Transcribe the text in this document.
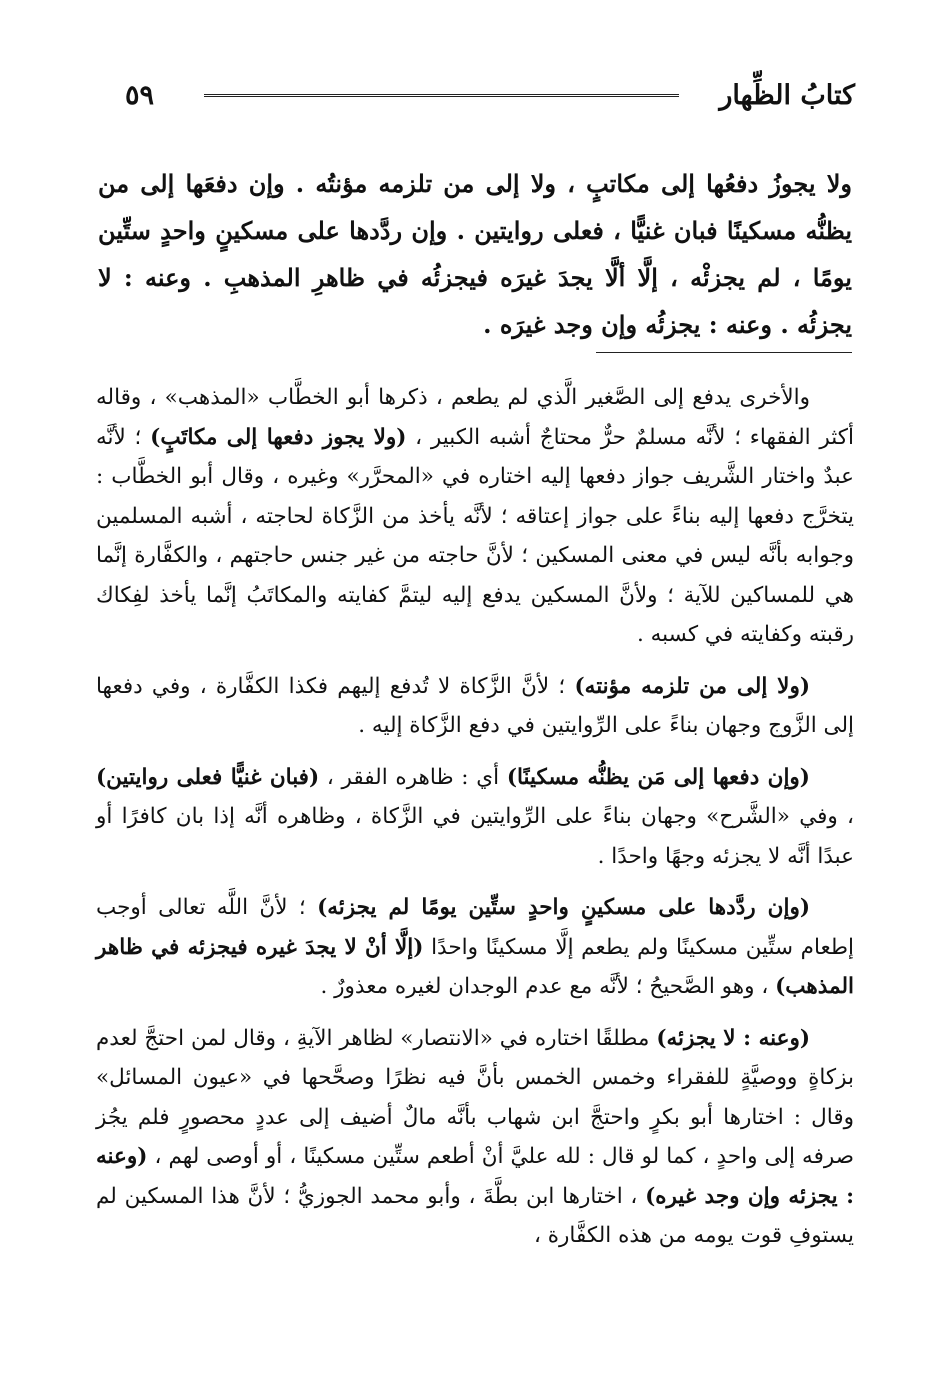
كتابُ الظِّهار
٥٩
ولا يجوزُ دفعُها إلى مكاتبٍ ، ولا إلى من تلزمه مؤنتُه . وإن دفعَها إلى من يظنُّه مسكينًا فبان غنيًّا ، فعلى روايتين . وإن ردَّدها على مسكينٍ واحدٍ ستِّين يومًا ، لم يجزئْه ، إلَّا ألَّا يجدَ غيرَه فيجزئُه في ظاهرِ المذهبِ . وعنه : لا يجزئُه . وعنه : يجزئُه وإن وجد غيرَه .

والأخرى يدفع إلى الصَّغير الَّذي لم يطعم ، ذكرها أبو الخطَّاب «المذهب» ، وقاله أكثر الفقهاء ؛ لأنَّه مسلمٌ حرٌّ محتاجٌ أشبه الكبير ، (ولا يجوز دفعها إلى مكاتَبٍ) ؛ لأنَّه عبدٌ واختار الشَّريف جواز دفعها إليه اختاره في «المحرَّر» وغيره ، وقال أبو الخطَّاب : يتخرَّج دفعها إليه بناءً على جواز إعتاقه ؛ لأنَّه يأخذ من الزَّكاة لحاجته ، أشبه المسلمين وجوابه بأنَّه ليس في معنى المسكين ؛ لأنَّ حاجته من غير جنس حاجتهم ، والكفَّارة إنَّما هي للمساكين للآية ؛ ولأنَّ المسكين يدفع إليه ليتمَّ كفايته والمكاتَبُ إنَّما يأخذ لفِكاك رقبته وكفايته في كسبه .

(ولا إلى من تلزمه مؤنته) ؛ لأنَّ الزَّكاة لا تُدفع إليهم فكذا الكفَّارة ، وفي دفعها إلى الزَّوج وجهان بناءً على الرِّوايتين في دفع الزَّكاة إليه .

(وإن دفعها إلى مَن يظنُّه مسكينًا) أي : ظاهره الفقر ، (فبان غنيًّا فعلى روايتين) ، وفي «الشَّرح» وجهان بناءً على الرِّوايتين في الزَّكاة ، وظاهره أنَّه إذا بان كافرًا أو عبدًا أنَّه لا يجزئه وجهًا واحدًا .

(وإن ردَّدها على مسكينٍ واحدٍ ستِّين يومًا لم يجزئه) ؛ لأنَّ اللَّه تعالى أوجب إطعام ستِّين مسكينًا ولم يطعم إلَّا مسكينًا واحدًا (إلَّا أنْ لا يجدَ غيره فيجزئه في ظاهر المذهب) ، وهو الصَّحيحُ ؛ لأنَّه مع عدم الوجدان لغيره معذورٌ .

(وعنه : لا يجزئه) مطلقًا اختاره في «الانتصار» لظاهر الآيةِ ، وقال لمن احتجَّ لعدم بزكاةٍ ووصيَّةٍ للفقراء وخمس الخمس بأنَّ فيه نظرًا وصحَّحها في «عيون المسائل» وقال : اختارها أبو بكرٍ واحتجَّ ابن شهاب بأنَّه مالٌ أضيف إلى عددٍ محصورٍ فلم يجُز صرفه إلى واحدٍ ، كما لو قال : لله عليَّ أنْ أطعم ستِّين مسكينًا ، أو أوصى لهم ، (وعنه : يجزئه وإن وجد غيره) ، اختارها ابن بطَّةَ ، وأبو محمد الجوزيُّ ؛ لأنَّ هذا المسكين لم يستوفِ قوت يومه من هذه الكفَّارة ،
